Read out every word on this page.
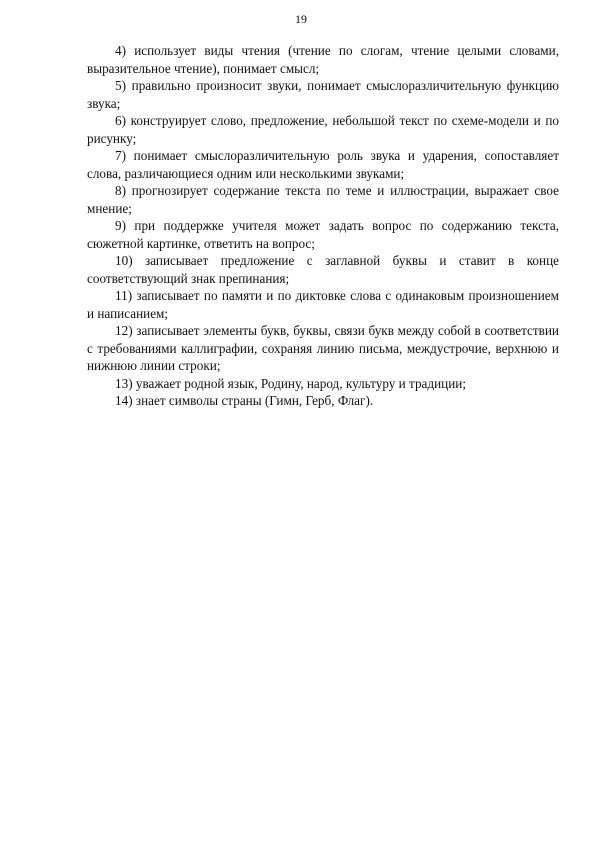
19

4) использует виды чтения (чтение по слогам, чтение целыми словами, выразительное чтение), понимает смысл;

5) правильно произносит звуки, понимает смыслоразличительную функцию звука;

6) конструирует слово, предложение, небольшой текст по схеме-модели и по рисунку;

7) понимает смыслоразличительную роль звука и ударения, сопоставляет слова, различающиеся одним или несколькими звуками;

8) прогнозирует содержание текста по теме и иллюстрации, выражает свое мнение;

9) при поддержке учителя может задать вопрос по содержанию текста, сюжетной картинке, ответить на вопрос;

10) записывает предложение с заглавной буквы и ставит в конце соответствующий знак препинания;

11) записывает по памяти и по диктовке слова с одинаковым произношением и написанием;

12) записывает элементы букв, буквы, связи букв между собой в соответствии с требованиями каллиграфии, сохраняя линию письма, междустрочие, верхнюю и нижнюю линии строки;

13) уважает родной язык, Родину, народ, культуру и традиции;

14) знает символы страны (Гимн, Герб, Флаг).
